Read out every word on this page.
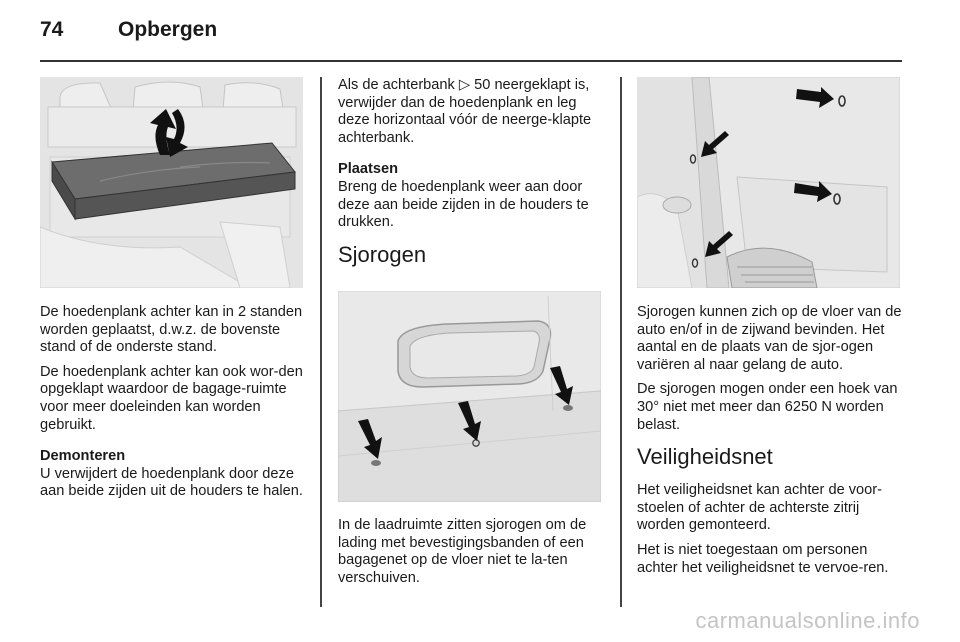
74	Opbergen

De hoedenplank achter kan in 2 standen worden geplaatst, d.w.z. de bovenste stand of de onderste stand.

De hoedenplank achter kan ook wor-den opgeklapt waardoor de bagage-ruimte voor meer doeleinden kan worden gebruikt.

Demonteren

U verwijdert de hoedenplank door deze aan beide zijden uit de houders te halen.

Als de achterbank ▷ 50 neergeklapt is, verwijder dan de hoedenplank en leg deze horizontaal vóór de neerge-klapte achterbank.

Plaatsen

Breng de hoedenplank weer aan door deze aan beide zijden in de houders te drukken.

Sjorogen

In de laadruimte zitten sjorogen om de lading met bevestigingsbanden of een bagagenet op de vloer niet te la-ten verschuiven.

Sjorogen kunnen zich op de vloer van de auto en/of in de zijwand bevinden. Het aantal en de plaats van de sjor-ogen variëren al naar gelang de auto.

De sjorogen mogen onder een hoek van 30° niet met meer dan 6250 N worden belast.

Veiligheidsnet

Het veiligheidsnet kan achter de voor-stoelen of achter de achterste zitrij worden gemonteerd.

Het is niet toegestaan om personen achter het veiligheidsnet te vervoe-ren.

carmanualsonline.info
